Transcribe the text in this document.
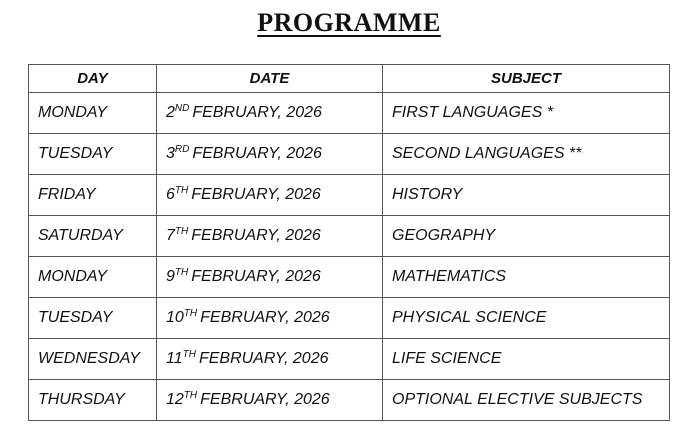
PROGRAMME
DAY	DATE	SUBJECT
MONDAY	2ND FEBRUARY, 2026	FIRST LANGUAGES *
TUESDAY	3RD FEBRUARY, 2026	SECOND LANGUAGES **
FRIDAY	6TH FEBRUARY, 2026	HISTORY
SATURDAY	7TH FEBRUARY, 2026	GEOGRAPHY
MONDAY	9TH FEBRUARY, 2026	MATHEMATICS
TUESDAY	10TH FEBRUARY, 2026	PHYSICAL SCIENCE
WEDNESDAY	11TH FEBRUARY, 2026	LIFE SCIENCE
THURSDAY	12TH FEBRUARY, 2026	OPTIONAL ELECTIVE SUBJECTS
